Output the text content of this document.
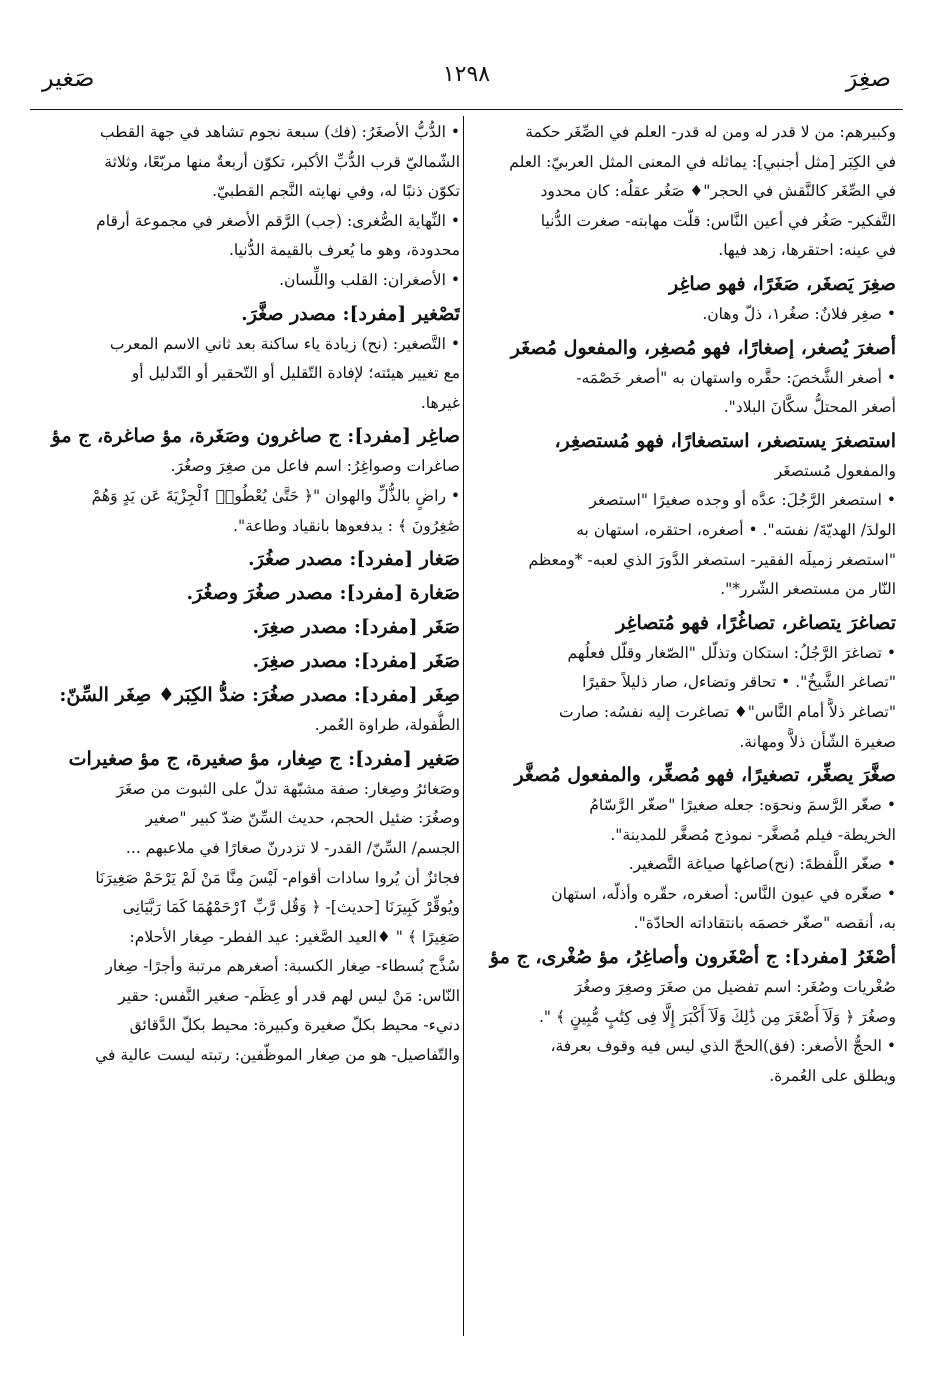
صغِرَ
١٢٩٨
صَغير
وكبيرهم: من لا قدر له ومن له قدر- العلم في الصِّغَر حكمة
في الكِبَر [مثل أجنبي]: يماثله في المعنى المثل العربيّ: العلم
في الصِّغَر كالنَّقش في الحجر"♦ صَغُر عقلُه: كان محدود
التَّفكير- صَغُر في أعين النَّاس: قلّت مهابته- صغرت الدُّنيا
في عينه: احتقرها، زهد فيها.
صغِرَ يَصغَر، صَغَرًا، فهو صاغِر
• صغِر فلانٌ: صغُر١، ذلّ وهان.
أصغرَ يُصغر، إصغارًا، فهو مُصغِر، والمفعول مُصغَر
• أصغر الشَّخصَ: حقَّره واستهان به "أصغر خَصْمَه-
أصغر المحتلُّ سكَّانَ البلاد".
استصغرَ يستصغر، استصغارًا، فهو مُستصغِر،
والمفعول مُستصغَر
• استصغر الرَّجُلَ: عدَّه أو وجده صغيرًا "استصغر
الولدَ/ الهديّةَ/ نفسَه". • أصغره، احتقره، استهان به
"استصغر زميلَه الفقير- استصغر الدَّورَ الذي لعبه- *ومعظم
النّار من مستصغر الشّرر*".
تصاغرَ يتصاغر، تصاغُرًا، فهو مُتصاغِر
• تصاغرَ الرَّجُلُ: استكان وتذلّل "الصّغار وقلّل فعلُهم
"تصاغر الشَّيخُ". • تحاقر وتضاءل، صار ذليلاً حقيرًا
"تصاغر ذلاًّ أمام النَّاس"♦ تصاغرت إليه نفسُه: صارت
صغيرة الشّأن ذلاًّ ومهانة.
صغَّرَ يصغِّر، تصغيرًا، فهو مُصغِّر، والمفعول مُصغَّر
• صغّر الرَّسمَ ونحوَه: جعله صغيرًا "صغّر الرَّسّامُ
الخريطة- فيلم مُصغَّر- نموذج مُصغَّر للمدينة".
• صغّر اللَّفظةَ: (نح)صاغها صياغة التَّصغير.
• صغّره في عيون النَّاس: أصغره، حقّره وأذلّه، استهان
به، أنقصه "صغّر خصمَه بانتقاداته الحادّة".
أصْغَرُ [مفرد]: ج أصْغَرون وأصاغِرُ، مؤ صُغْرى، ج مؤ
صُغْريات وصُغَر: اسم تفضيل من صغَرَ وصغِرَ وصغُرَ
وصغُرَ ﴿ وَلَآ أَصْغَرَ مِن ذَٰلِكَ وَلَآ أَكْبَرَ إِلَّا فِى كِتَٰبٍ مُّبِينٍ ﴾ ".
• الحجُّ الأصغر: (فق)الحجّ الذي ليس فيه وقوف بعرفة،
ويطلق على العُمرة.
• الدُّبُّ الأصغَرُ: (فك) سبعة نجوم تشاهد في جهة القطب
الشّماليّ قرب الدُّبِّ الأكبر، تكوّن أربعةٌ منها مربّعًا، وثلاثة
تكوّن ذنبًا له، وفي نهايته النَّجم القطبيّ.
• النِّهاية الصُّغرى: (جب) الرَّقم الأصغر في مجموعة أرقام
محدودة، وهو ما يُعرف بالقيمة الدُّنيا.
• الأصغران: القلب واللِّسان.
تَصْغير [مفرد]: مصدر صغَّرَ.
• التَّصغير: (نح) زيادة ياء ساكنة بعد ثاني الاسم المعرب
مع تغيير هيئته؛ لإفادة التّقليل أو التّحقير أو التّدليل أو
غيرها.
صاغِر [مفرد]: ج صاغرون وصَغَرة، مؤ صاغرة، ج مؤ
صاغرات وصواغِرُ: اسم فاعل من صغِرَ وصغُرَ.
• راضٍ بالذُّلِّ والهوان "﴿ حَتَّىٰ يُعْطُوا۟ ٱلْجِزْيَةَ عَن يَدٍ وَهُمْ
صَٰغِرُونَ ﴾ : يدفعوها بانقياد وطاعة".
صَغار [مفرد]: مصدر صغُرَ.
صَغارة [مفرد]: مصدر صغُرَ وصغُرَ.
صَغَر [مفرد]: مصدر صغِرَ.
صَغَر [مفرد]: مصدر صغِرَ.
صِغَر [مفرد]: مصدر صغُرَ: ضدُّ الكِبَر♦ صِغَر السِّنّ:
الطُّفولة، طراوة العُمر.
صَغير [مفرد]: ج صِغار، مؤ صغيرة، ج مؤ صغيرات
وصَغائرُ وصِغار: صفة مشبّهة تدلّ على الثبوت من صغَرَ
وصغُرَ: ضئيل الحجم، حديث السِّنّ ضدّ كبير "صغير
الجسم/ السِّنّ/ القدر- لا تزدرنّ صغارًا في ملاعبهم ...
فجائزٌ أن يُروا سادات أقوام- لَيْسَ مِنَّا مَنْ لَمْ يَرْحَمْ صَغِيرَنَا
ويُوقِّرْ كَبِيرَنَا [حديث]- ﴿ وَقُل رَّبِّ ٱرْحَمْهُمَا كَمَا رَبَّيَانِى
صَغِيرًا ﴾ " ♦العيد الصَّغير: عيد الفطر- صِغار الأحلام:
سُذَّج بُسطاء- صِغار الكسبة: أصغرهم مرتبة وأجرًا- صِغار
النّاس: مَنْ ليس لهم قدر أو عِظَم- صغير النَّفس: حقير
دنيء- محيط بكلّ صغيرة وكبيرة: محيط بكلّ الدَّقائق
والتّفاصيل- هو من صِغار الموظّفين: رتبته ليست عالية في
